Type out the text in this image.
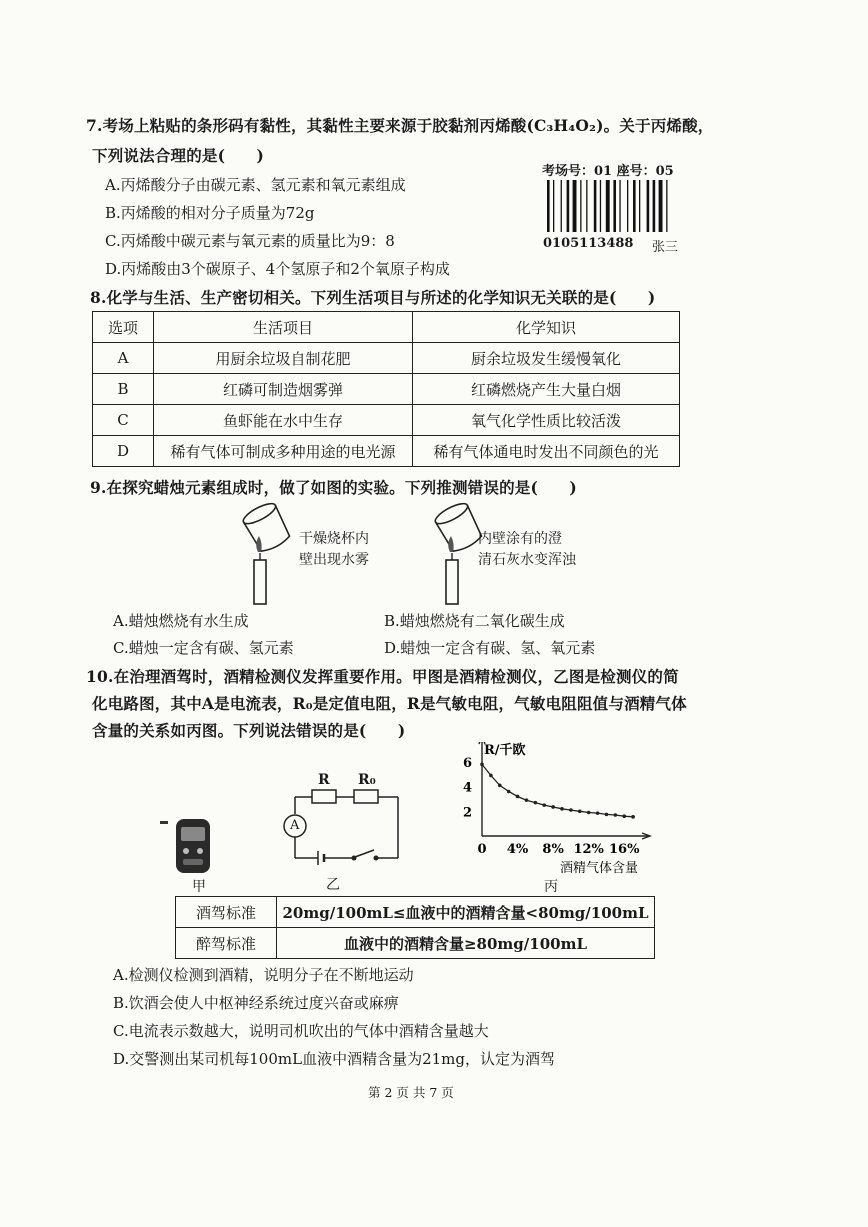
7.考场上粘贴的条形码有黏性，其黏性主要来源于胶黏剂丙烯酸(C₃H₄O₂)。关于丙烯酸，
下列说法合理的是(　　)
A.丙烯酸分子由碳元素、氢元素和氧元素组成
B.丙烯酸的相对分子质量为72g
C.丙烯酸中碳元素与氧元素的质量比为9：8
D.丙烯酸由3个碳原子、4个氢原子和2个氧原子构成
考场号：01 座号：05
0105113488 张三
8.化学与生活、生产密切相关。下列生活项目与所述的化学知识无关联的是(　　)
选项	生活项目	化学知识
A	用厨余垃圾自制花肥	厨余垃圾发生缓慢氧化
B	红磷可制造烟雾弹	红磷燃烧产生大量白烟
C	鱼虾能在水中生存	氧气化学性质比较活泼
D	稀有气体可制成多种用途的电光源	稀有气体通电时发出不同颜色的光
9.在探究蜡烛元素组成时，做了如图的实验。下列推测错误的是(　　)
干燥烧杯内
壁出现水雾
内壁涂有的澄
清石灰水变浑浊
A.蜡烛燃烧有水生成	B.蜡烛燃烧有二氧化碳生成
C.蜡烛一定含有碳、氢元素	D.蜡烛一定含有碳、氢、氧元素
10.在治理酒驾时，酒精检测仪发挥重要作用。甲图是酒精检测仪，乙图是检测仪的简
化电路图，其中A是电流表，R₀是定值电阻，R是气敏电阻，气敏电阻阻值与酒精气体
含量的关系如丙图。下列说法错误的是(　　)
甲
R R₀
A
乙
0 4% 8% 12% 16%
2
4
6
R/千欧
酒精气体含量
丙
酒驾标准	20mg/100mL≤血液中的酒精含量<80mg/100mL
醉驾标准	血液中的酒精含量≥80mg/100mL
A.检测仪检测到酒精，说明分子在不断地运动
B.饮酒会使人中枢神经系统过度兴奋或麻痹
C.电流表示数越大，说明司机吹出的气体中酒精含量越大
D.交警测出某司机每100mL血液中酒精含量为21mg，认定为酒驾
第 2 页 共 7 页
